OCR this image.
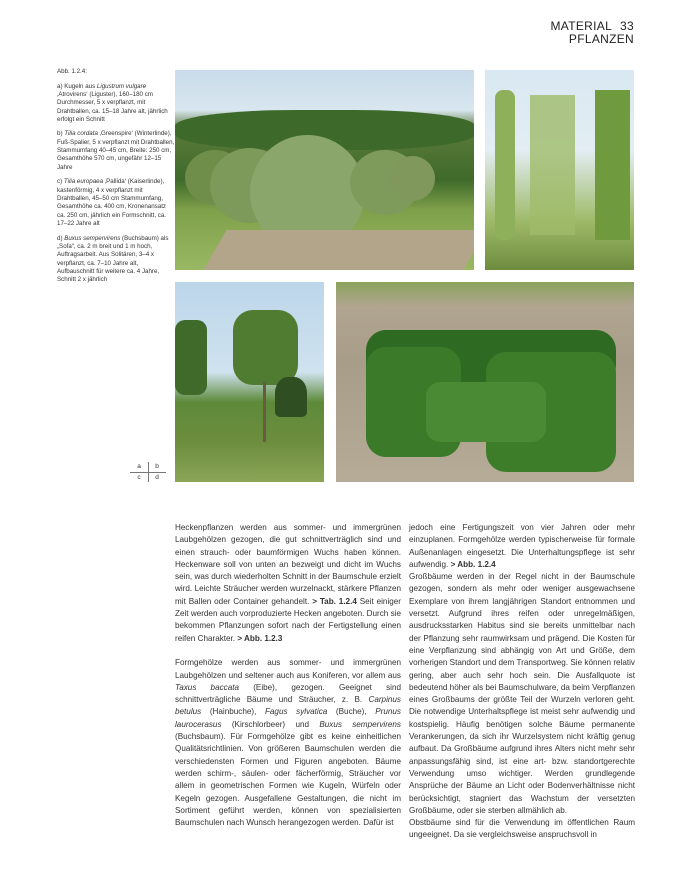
MATERIAL 33
PFLANZEN
Abb. 1.2.4:

a) Kugeln aus Ligustrum vulgare ‚Atrovirens‘ (Liguster), 160–180 cm Durchmesser, 5 x verpflanzt, mit Drahtballen, ca. 15–18 Jahre alt, jährlich erfolgt ein Schnitt

b) Tilia cordata ‚Greenspire‘ (Winterlinde), Fuß-Spalier, 5 x verpflanzt mit Drahtballen, Stammumfang 40–45 cm, Breite: 250 cm, Gesamthöhe 570 cm, ungefähr 12–15 Jahre

c) Tilia europaea ‚Pallida‘ (Kaiserlinde), kastenförmig, 4 x verpflanzt mit Drahtballen, 45–50 cm Stammumfang, Gesamthöhe ca. 400 cm, Kronenansatz ca. 250 cm, jährlich ein Formschnitt, ca. 17–22 Jahre alt

d) Buxus sempervirens (Buchsbaum) als „Sofa“, ca. 2 m breit und 1 m hoch, Auftragsarbeit. Aus Solitären, 3–4 x verpflanzt, ca. 7–10 Jahre alt, Aufbauschnitt für weitere ca. 4 Jahre, Schnitt 2 x jährlich

a	b
c	d

Heckenpflanzen werden aus sommer- und immergrünen Laubgehölzen gezogen, die gut schnittverträglich sind und einen strauch- oder baumförmigen Wuchs haben können. Heckenware soll von unten an bezweigt und dicht im Wuchs sein, was durch wiederholten Schnitt in der Baumschule erzielt wird. Leichte Sträucher werden wurzelnackt, stärkere Pflanzen mit Ballen oder Container gehandelt. > Tab. 1.2.4 Seit einiger Zeit werden auch vorproduzierte Hecken angeboten. Durch sie bekommen Pflanzungen sofort nach der Fertigstellung einen reifen Charakter. > Abb. 1.2.3

Formgehölze werden aus sommer- und immergrünen Laubgehölzen und seltener auch aus Koniferen, vor allem aus Taxus baccata (Eibe), gezogen. Geeignet sind schnittverträgliche Bäume und Sträucher, z. B. Carpinus betulus (Hainbuche), Fagus sylvatica (Buche), Prunus laurocerasus (Kirschlorbeer) und Buxus sempervirens (Buchsbaum). Für Formgehölze gibt es keine einheitlichen Qualitätsrichtlinien. Von größeren Baumschulen werden die verschiedensten Formen und Figuren angeboten. Bäume werden schirm-, säulen- oder fächerförmig, Sträucher vor allem in geometrischen Formen wie Kugeln, Würfeln oder Kegeln gezogen. Ausgefallene Gestaltungen, die nicht im Sortiment geführt werden, können von spezialisierten Baumschulen nach Wunsch herangezogen werden. Dafür ist

jedoch eine Fertigungszeit von vier Jahren oder mehr einzuplanen. Formgehölze werden typischerweise für formale Außenanlagen eingesetzt. Die Unterhaltungspflege ist sehr aufwendig. > Abb. 1.2.4

Großbäume werden in der Regel nicht in der Baumschule gezogen, sondern als mehr oder weniger ausgewachsene Exemplare von ihrem langjährigen Standort entnommen und versetzt. Aufgrund ihres reifen oder unregelmäßigen, ausdrucksstarken Habitus sind sie bereits unmittelbar nach der Pflanzung sehr raumwirksam und prägend. Die Kosten für eine Verpflanzung sind abhängig von Art und Größe, dem vorherigen Standort und dem Transportweg. Sie können relativ gering, aber auch sehr hoch sein. Die Ausfallquote ist bedeutend höher als bei Baumschulware, da beim Verpflanzen eines Großbaums der größte Teil der Wurzeln verloren geht. Die notwendige Unterhaltspflege ist meist sehr aufwendig und kostspielig. Häufig benötigen solche Bäume permanente Verankerungen, da sich ihr Wurzelsystem nicht kräftig genug aufbaut. Da Großbäume aufgrund ihres Alters nicht mehr sehr anpassungsfähig sind, ist eine art- bzw. standortgerechte Verwendung umso wichtiger. Werden grundlegende Ansprüche der Bäume an Licht oder Bodenverhältnisse nicht berücksichtigt, stagniert das Wachstum der versetzten Großbäume, oder sie sterben allmählich ab.

Obstbäume sind für die Verwendung im öffentlichen Raum ungeeignet. Da sie vergleichsweise anspruchsvoll in
